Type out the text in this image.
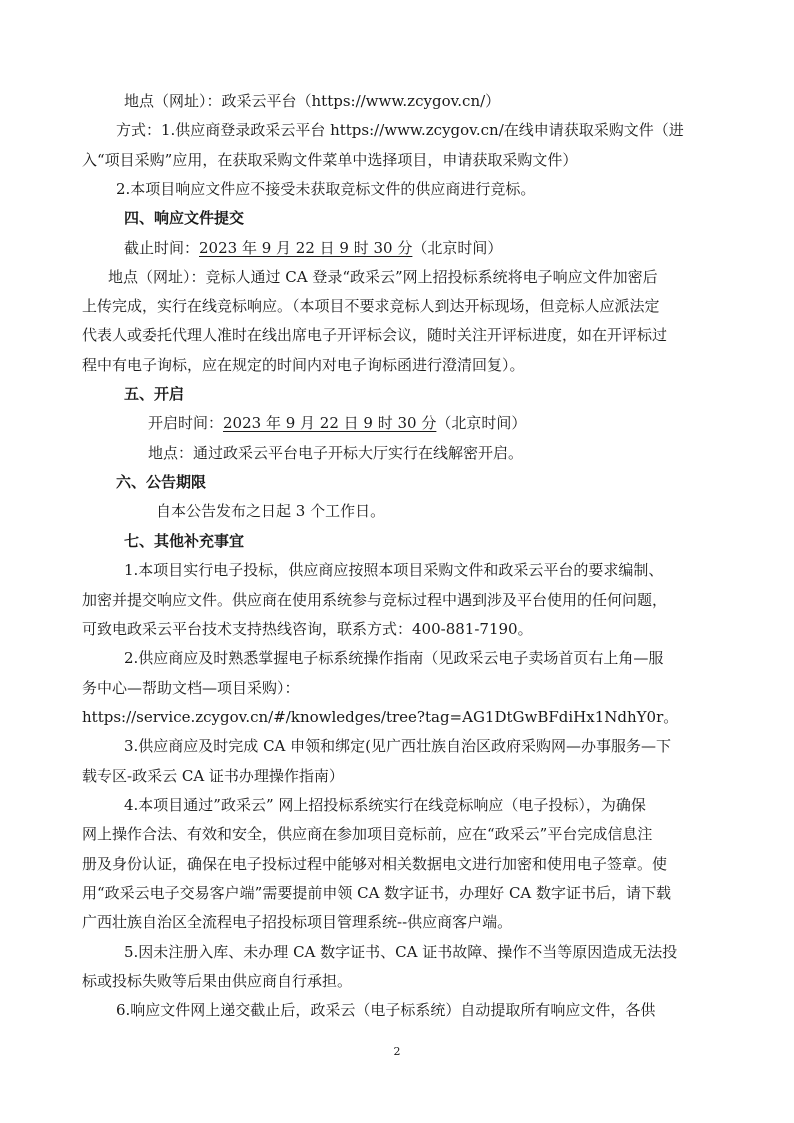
地点（网址）：政采云平台（https://www.zcygov.cn/）
方式：1.供应商登录政采云平台 https://www.zcygov.cn/在线申请获取采购文件（进
入“项目采购”应用，在获取采购文件菜单中选择项目，申请获取采购文件）
2.本项目响应文件应不接受未获取竞标文件的供应商进行竞标。
四、响应文件提交
截止时间：2023 年 9 月 22 日 9 时 30 分（北京时间）
地点（网址）：竞标人通过 CA 登录“政采云”网上招投标系统将电子响应文件加密后
上传完成，实行在线竞标响应。（本项目不要求竞标人到达开标现场，但竞标人应派法定
代表人或委托代理人准时在线出席电子开评标会议，随时关注开评标进度，如在开评标过
程中有电子询标，应在规定的时间内对电子询标函进行澄清回复）。
五、开启
开启时间：2023 年 9 月 22 日 9 时 30 分（北京时间）
地点：通过政采云平台电子开标大厅实行在线解密开启。
六、公告期限
自本公告发布之日起 3 个工作日。
七、其他补充事宜
1.本项目实行电子投标，供应商应按照本项目采购文件和政采云平台的要求编制、
加密并提交响应文件。供应商在使用系统参与竞标过程中遇到涉及平台使用的任何问题，
可致电政采云平台技术支持热线咨询，联系方式：400-881-7190。
2.供应商应及时熟悉掌握电子标系统操作指南（见政采云电子卖场首页右上角—服
务中心—帮助文档—项目采购）：
https://service.zcygov.cn/#/knowledges/tree?tag=AG1DtGwBFdiHx1NdhY0r。
3.供应商应及时完成 CA 申领和绑定(见广西壮族自治区政府采购网—办事服务—下
载专区-政采云 CA 证书办理操作指南）
4.本项目通过”政采云” 网上招投标系统实行在线竞标响应（电子投标），为确保
网上操作合法、有效和安全，供应商在参加项目竞标前，应在“政采云”平台完成信息注
册及身份认证，确保在电子投标过程中能够对相关数据电文进行加密和使用电子签章。使
用“政采云电子交易客户端”需要提前申领 CA 数字证书，办理好 CA 数字证书后，请下载
广西壮族自治区全流程电子招投标项目管理系统--供应商客户端。
5.因未注册入库、未办理 CA 数字证书、CA 证书故障、操作不当等原因造成无法投
标或投标失败等后果由供应商自行承担。
6.响应文件网上递交截止后，政采云（电子标系统）自动提取所有响应文件，各供
2
